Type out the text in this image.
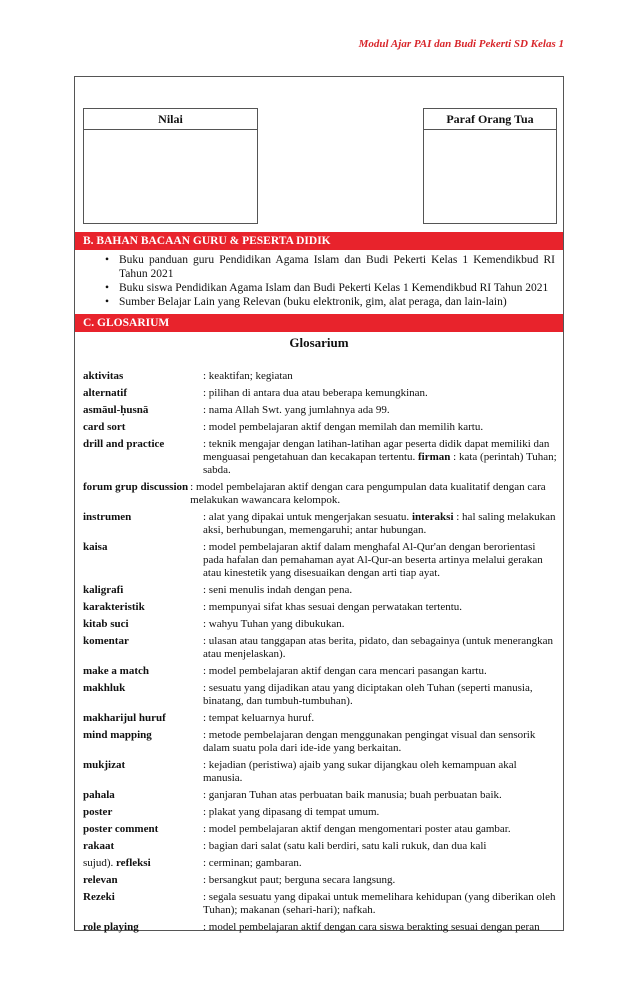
Modul Ajar PAI dan Budi Pekerti SD Kelas 1
Nilai	Paraf Orang Tua
B. BAHAN BACAAN GURU & PESERTA DIDIK
• Buku panduan guru Pendidikan Agama Islam dan Budi Pekerti Kelas 1 Kemendikbud RI Tahun 2021
• Buku siswa Pendidikan Agama Islam dan Budi Pekerti Kelas 1 Kemendikbud RI Tahun 2021
• Sumber Belajar Lain yang Relevan (buku elektronik, gim, alat peraga, dan lain-lain)
C. GLOSARIUM
Glosarium
aktivitas	: keaktifan; kegiatan
alternatif	: pilihan di antara dua atau beberapa kemungkinan.
asmāul-ḥusnā	: nama Allah Swt. yang jumlahnya ada 99.
card sort	: model pembelajaran aktif dengan memilah dan memilih kartu.
drill and practice	: teknik mengajar dengan latihan-latihan agar peserta didik dapat memiliki dan menguasai pengetahuan dan kecakapan tertentu. firman : kata (perintah) Tuhan; sabda.
forum grup discussion : model pembelajaran aktif dengan cara pengumpulan data kualitatif dengan cara melakukan wawancara kelompok.
instrumen	: alat yang dipakai untuk mengerjakan sesuatu. interaksi : hal saling melakukan aksi, berhubungan, memengaruhi; antar hubungan.
kaisa	: model pembelajaran aktif dalam menghafal Al-Qur'an dengan berorientasi pada hafalan dan pemahaman ayat Al-Qur-an beserta artinya melalui gerakan atau kinestetik yang disesuaikan dengan arti tiap ayat.
kaligrafi	: seni menulis indah dengan pena.
karakteristik	: mempunyai sifat khas sesuai dengan perwatakan tertentu.
kitab suci	: wahyu Tuhan yang dibukukan.
komentar	: ulasan atau tanggapan atas berita, pidato, dan sebagainya (untuk menerangkan atau menjelaskan).
make a match	: model pembelajaran aktif dengan cara mencari pasangan kartu.
makhluk	: sesuatu yang dijadikan atau yang diciptakan oleh Tuhan (seperti manusia, binatang, dan tumbuh-tumbuhan).
makharijul huruf	: tempat keluarnya huruf.
mind mapping	: metode pembelajaran dengan menggunakan pengingat visual dan sensorik dalam suatu pola dari ide-ide yang berkaitan.
mukjizat	: kejadian (peristiwa) ajaib yang sukar dijangkau oleh kemampuan akal manusia.
pahala	: ganjaran Tuhan atas perbuatan baik manusia; buah perbuatan baik.
poster	: plakat yang dipasang di tempat umum.
poster comment	: model pembelajaran aktif dengan mengomentari poster atau gambar.
rakaat	: bagian dari salat (satu kali berdiri, satu kali rukuk, dan dua kali
sujud). refleksi	: cerminan; gambaran.
relevan	: bersangkut paut; berguna secara langsung.
Rezeki	: segala sesuatu yang dipakai untuk memelihara kehidupan (yang diberikan oleh Tuhan); makanan (sehari-hari); nafkah.
role playing	: model pembelajaran aktif dengan cara siswa berakting sesuai dengan peran
